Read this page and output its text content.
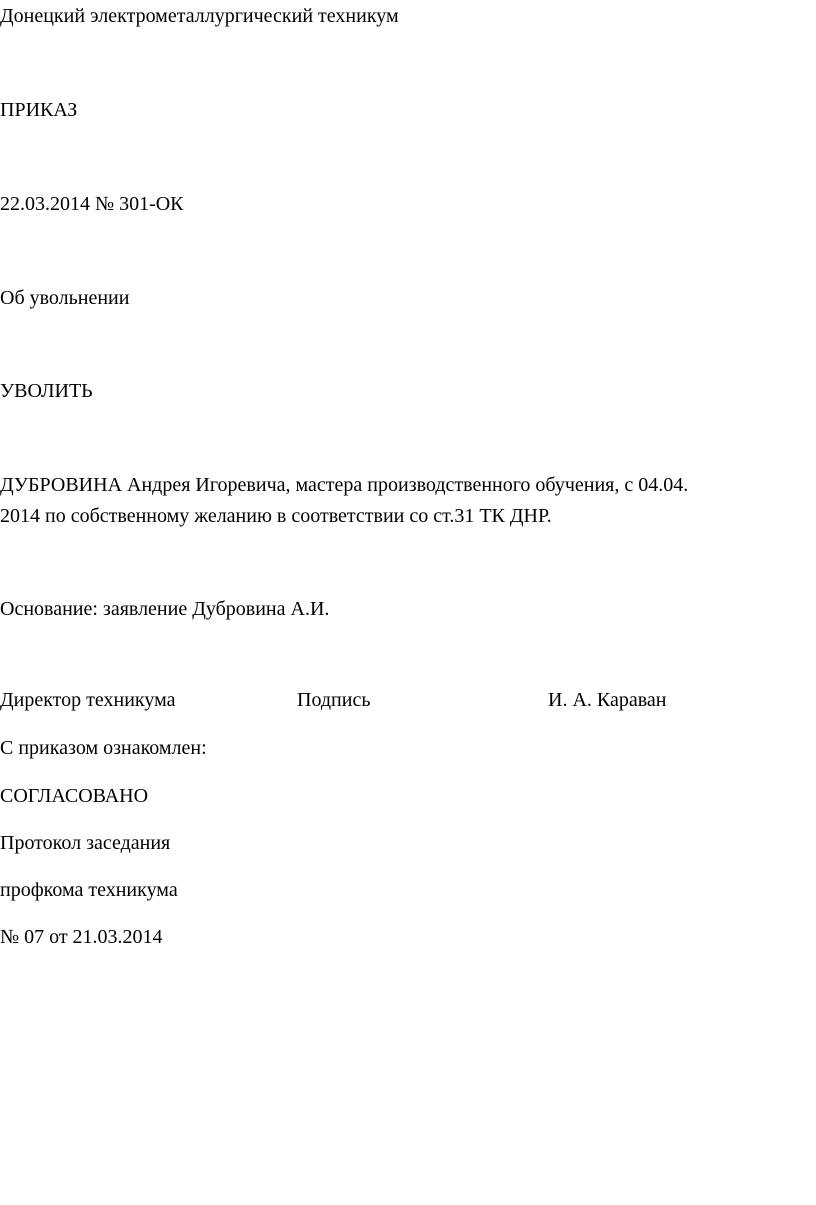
Донецкий электрометаллургический техникум
ПРИКАЗ
22.03.2014 № 301-ОК
Об увольнении
УВОЛИТЬ
ДУБРОВИНА Андрея Игоревича, мастера производственного обучения, с 04.04.
2014 по собственному желанию в соответствии со ст.31 ТК ДНР.
Основание: заявление Дубровина А.И.
Директор техникума	Подпись	И. А. Караван
С приказом ознакомлен:
СОГЛАСОВАНО
Протокол заседания
профкома техникума
№ 07 от 21.03.2014
